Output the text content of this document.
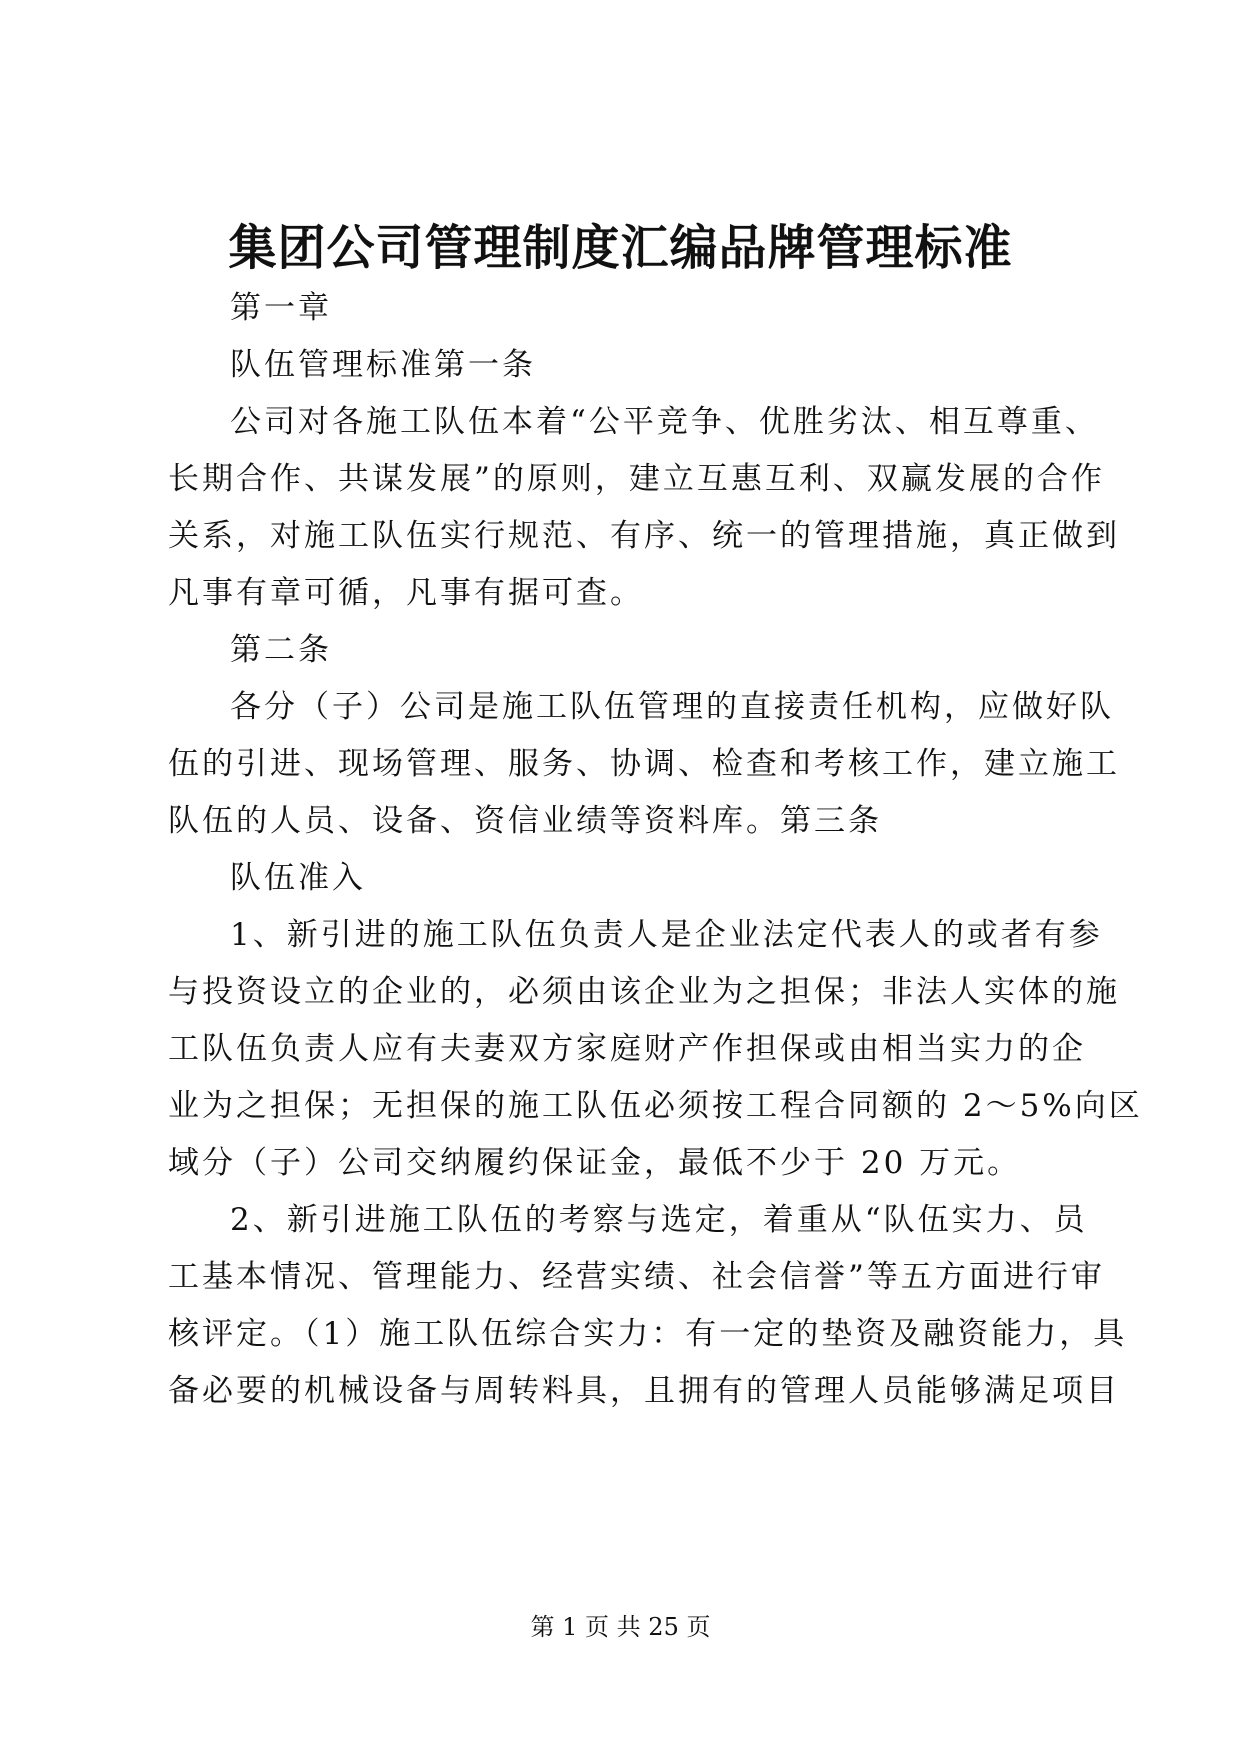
集团公司管理制度汇编品牌管理标准
第一章
队伍管理标准第一条
公司对各施工队伍本着“公平竞争、优胜劣汰、相互尊重、
长期合作、共谋发展”的原则，建立互惠互利、双赢发展的合作
关系，对施工队伍实行规范、有序、统一的管理措施，真正做到
凡事有章可循，凡事有据可查。
第二条
各分（子）公司是施工队伍管理的直接责任机构，应做好队
伍的引进、现场管理、服务、协调、检查和考核工作，建立施工
队伍的人员、设备、资信业绩等资料库。第三条
队伍准入
1、新引进的施工队伍负责人是企业法定代表人的或者有参
与投资设立的企业的，必须由该企业为之担保；非法人实体的施
工队伍负责人应有夫妻双方家庭财产作担保或由相当实力的企
业为之担保；无担保的施工队伍必须按工程合同额的 2～5%向区
域分（子）公司交纳履约保证金，最低不少于 20 万元。
2、新引进施工队伍的考察与选定，着重从“队伍实力、员
工基本情况、管理能力、经营实绩、社会信誉”等五方面进行审
核评定。（1）施工队伍综合实力：有一定的垫资及融资能力，具
备必要的机械设备与周转料具，且拥有的管理人员能够满足项目
第 1 页 共 25 页
